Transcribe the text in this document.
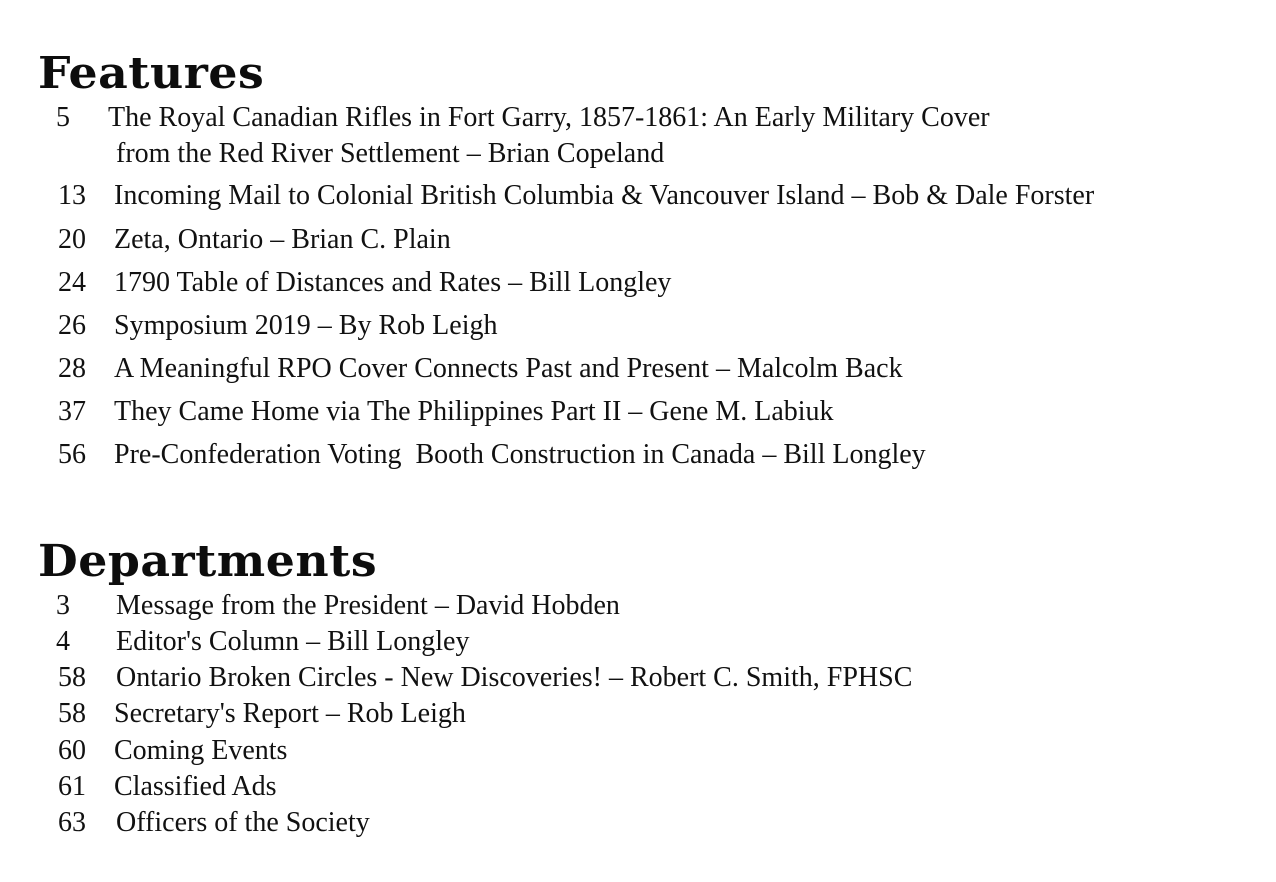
Features
5 The Royal Canadian Rifles in Fort Garry, 1857-1861: An Early Military Cover
from the Red River Settlement – Brian Copeland
13 Incoming Mail to Colonial British Columbia & Vancouver Island – Bob & Dale Forster
20 Zeta, Ontario – Brian C. Plain
24 1790 Table of Distances and Rates – Bill Longley
26 Symposium 2019 – By Rob Leigh
28 A Meaningful RPO Cover Connects Past and Present – Malcolm Back
37 They Came Home via The Philippines Part II – Gene M. Labiuk
56 Pre-Confederation Voting  Booth Construction in Canada – Bill Longley
Departments
3 Message from the President – David Hobden
4 Editor's Column – Bill Longley
58 Ontario Broken Circles - New Discoveries! – Robert C. Smith, FPHSC
58 Secretary's Report – Rob Leigh
60 Coming Events
61 Classified Ads
63 Officers of the Society
